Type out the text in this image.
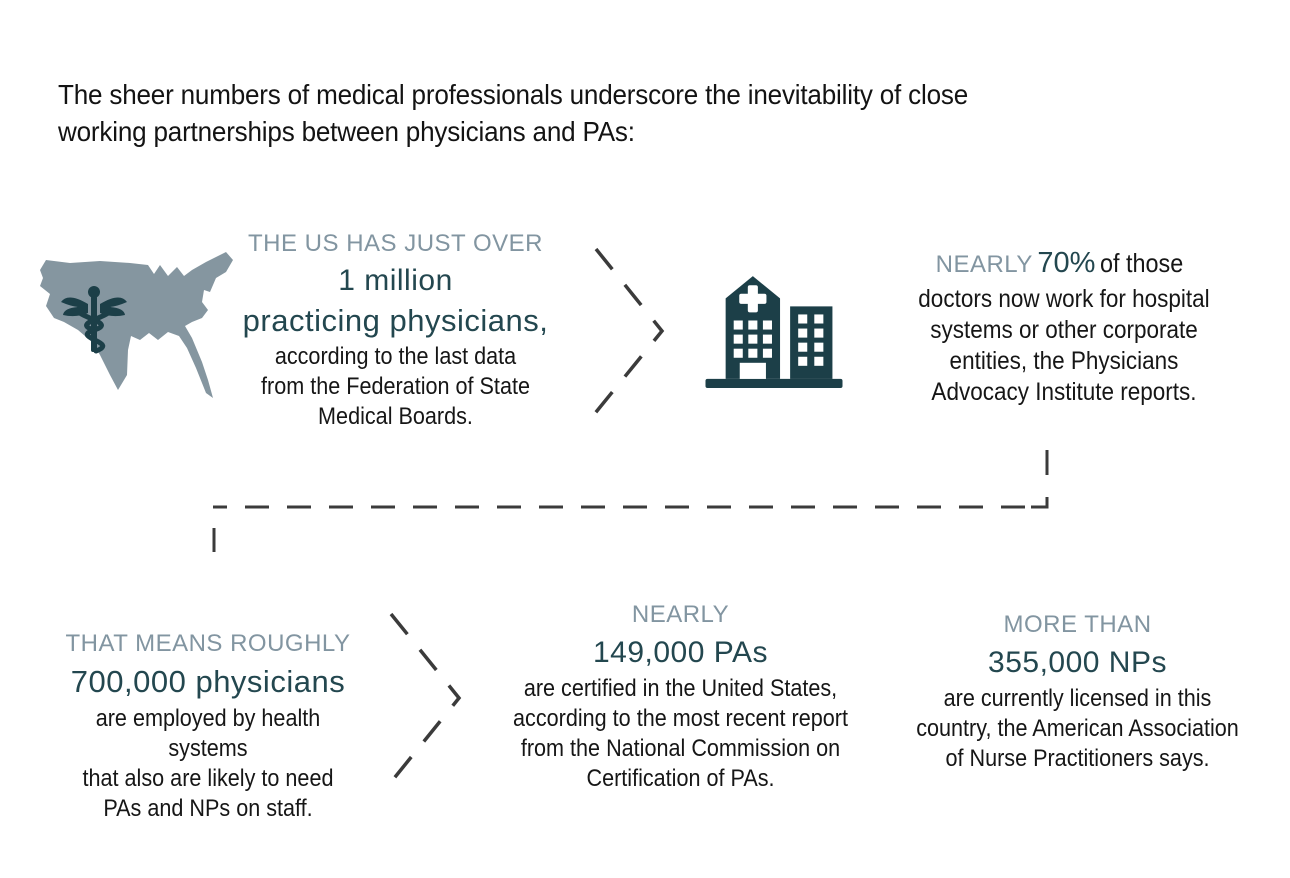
The sheer numbers of medical professionals underscore the inevitability of close
working partnerships between physicians and PAs:
THE US HAS JUST OVER
1 million
practicing physicians,
according to the last data
from the Federation of State
Medical Boards.
NEARLY 70% of those
doctors now work for hospital
systems or other corporate
entities, the Physicians
Advocacy Institute reports.
THAT MEANS ROUGHLY
700,000 physicians
are employed by health systems
that also are likely to need
PAs and NPs on staff.
NEARLY
149,000 PAs
are certified in the United States,
according to the most recent report
from the National Commission on
Certification of PAs.
MORE THAN
355,000 NPs
are currently licensed in this
country, the American Association
of Nurse Practitioners says.
